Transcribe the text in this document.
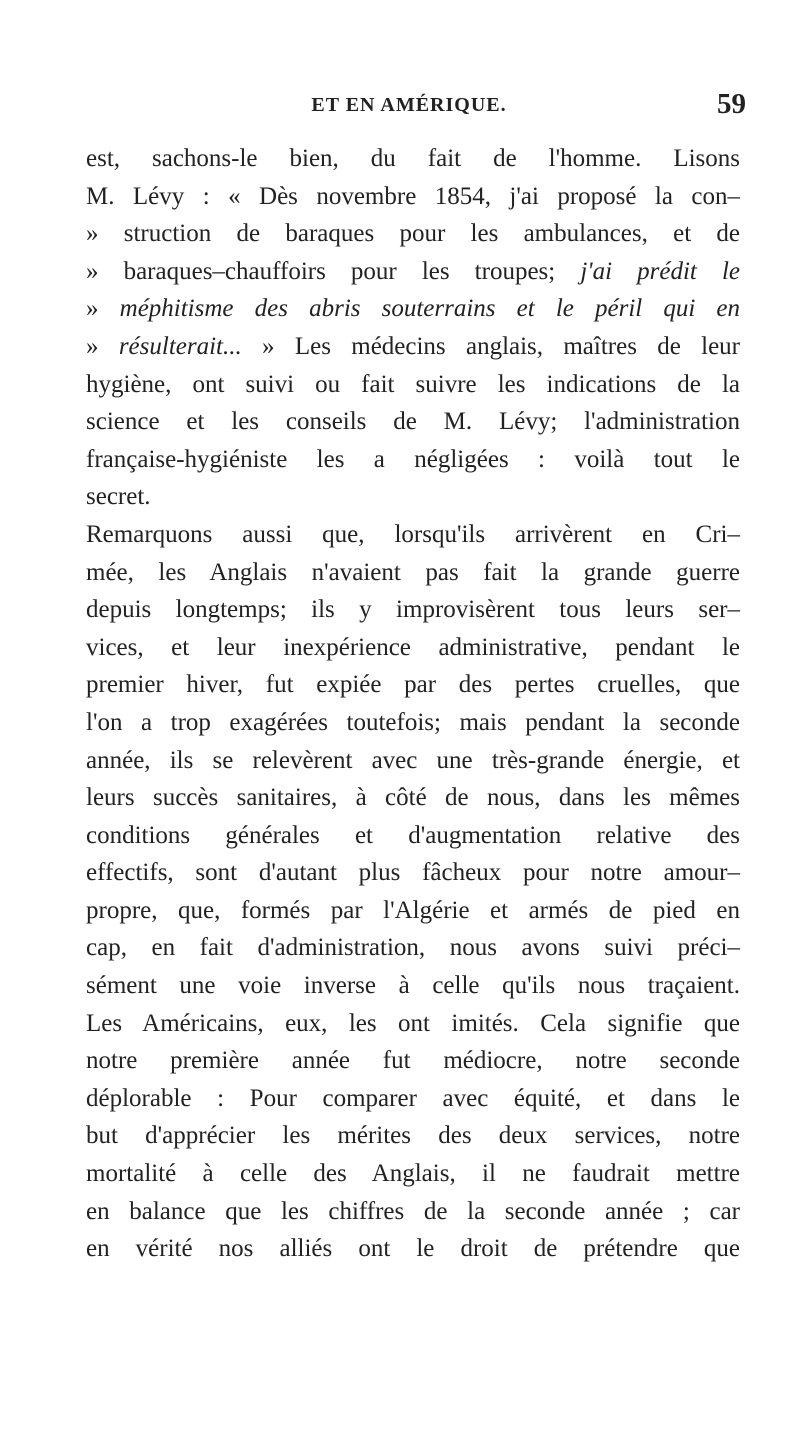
ET EN AMÉRIQUE.	59
est, sachons-le bien, du fait de l'homme. Lisons
M. Lévy : « Dès novembre 1854, j'ai proposé la con–
» struction de baraques pour les ambulances, et de
» baraques–chauffoirs pour les troupes; j'ai prédit le
» méphitisme des abris souterrains et le péril qui en
» résulterait... » Les médecins anglais, maîtres de leur
hygiène, ont suivi ou fait suivre les indications de la
science et les conseils de M. Lévy; l'administration
française-hygiéniste les a négligées : voilà tout le
secret.
Remarquons aussi que, lorsqu'ils arrivèrent en Cri–
mée, les Anglais n'avaient pas fait la grande guerre
depuis longtemps; ils y improvisèrent tous leurs ser–
vices, et leur inexpérience administrative, pendant le
premier hiver, fut expiée par des pertes cruelles, que
l'on a trop exagérées toutefois; mais pendant la seconde
année, ils se relevèrent avec une très-grande énergie, et
leurs succès sanitaires, à côté de nous, dans les mêmes
conditions générales et d'augmentation relative des
effectifs, sont d'autant plus fâcheux pour notre amour–
propre, que, formés par l'Algérie et armés de pied en
cap, en fait d'administration, nous avons suivi préci–
sément une voie inverse à celle qu'ils nous traçaient.
Les Américains, eux, les ont imités. Cela signifie que
notre première année fut médiocre, notre seconde
déplorable : Pour comparer avec équité, et dans le
but d'apprécier les mérites des deux services, notre
mortalité à celle des Anglais, il ne faudrait mettre
en balance que les chiffres de la seconde année ; car
en vérité nos alliés ont le droit de prétendre que
